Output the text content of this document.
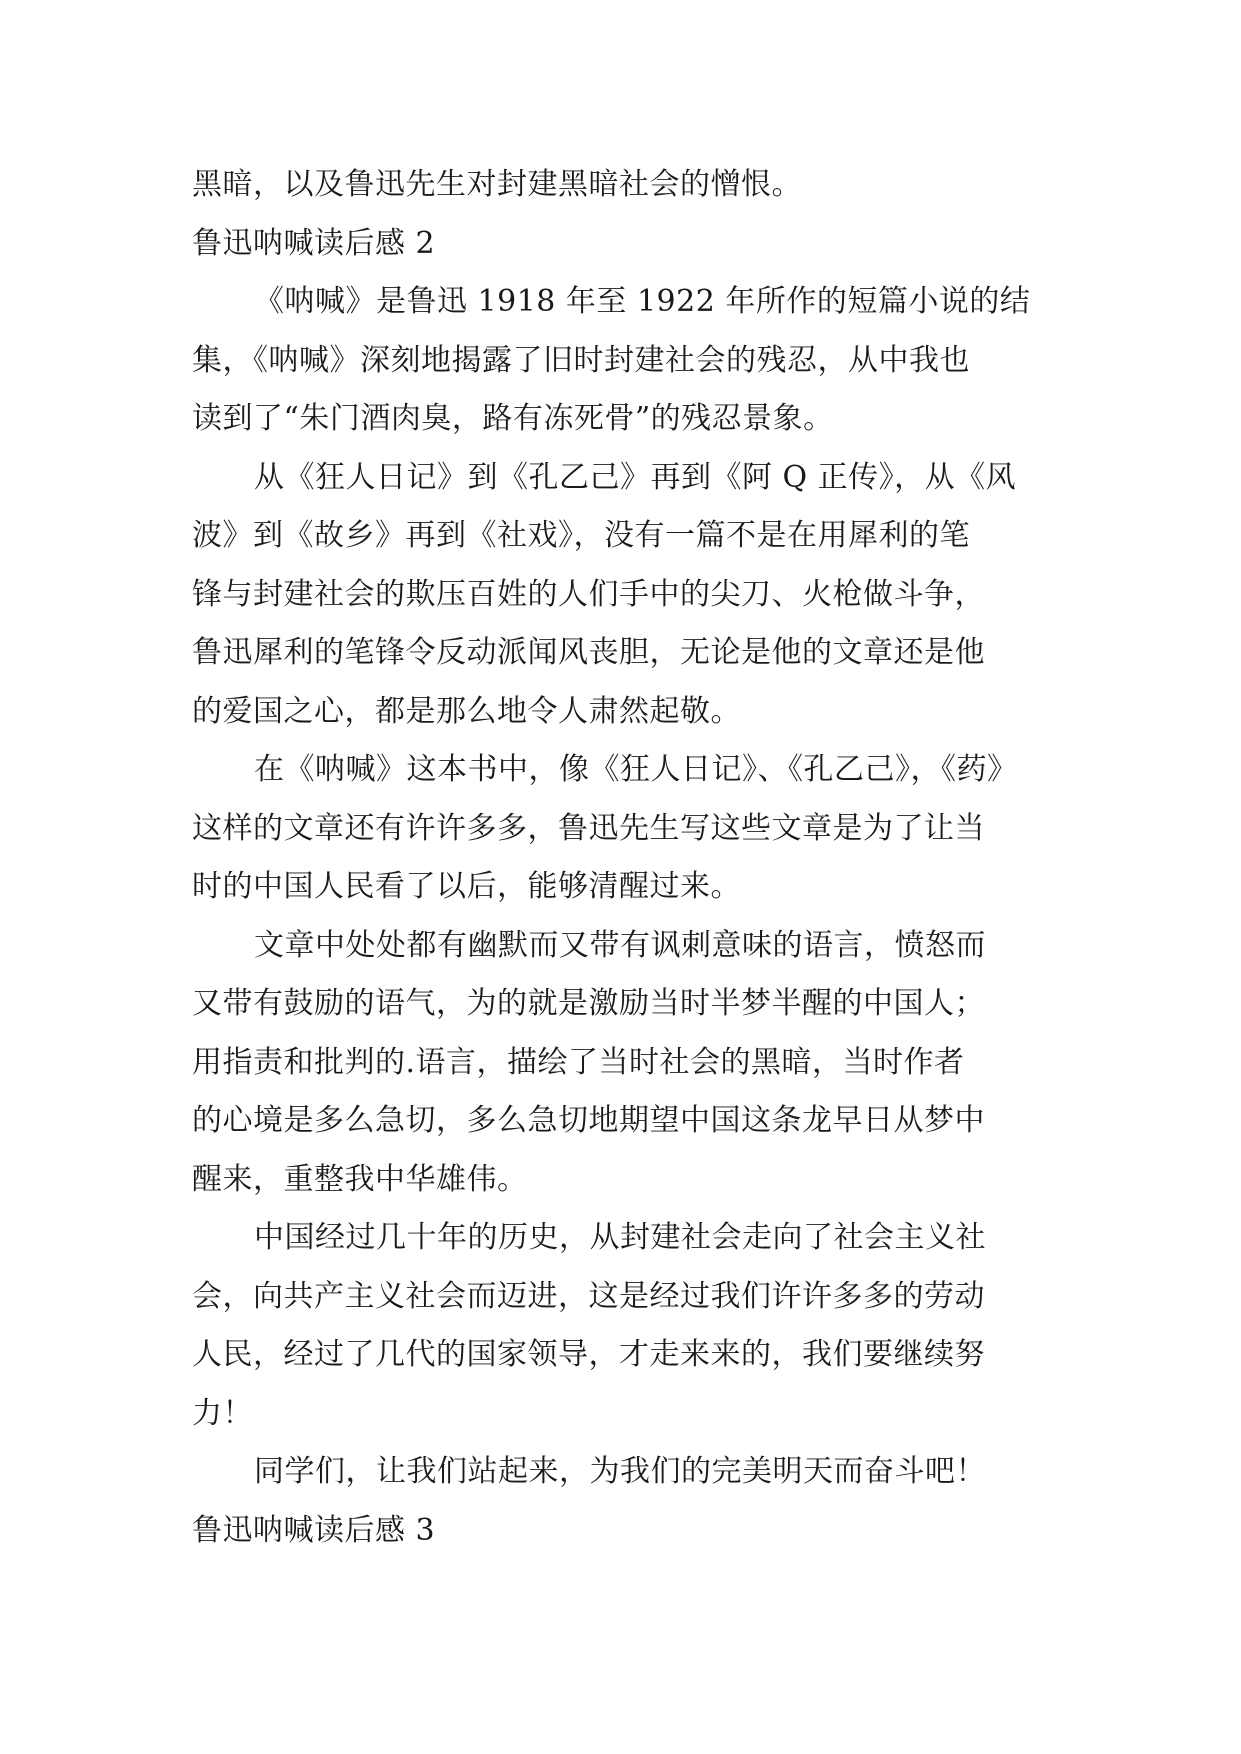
黑暗，以及鲁迅先生对封建黑暗社会的憎恨。
鲁迅呐喊读后感 2
《呐喊》是鲁迅 1918 年至 1922 年所作的短篇小说的结
集，《呐喊》深刻地揭露了旧时封建社会的残忍，从中我也
读到了“朱门酒肉臭，路有冻死骨”的残忍景象。
从《狂人日记》到《孔乙己》再到《阿 Q 正传》，从《风
波》到《故乡》再到《社戏》，没有一篇不是在用犀利的笔
锋与封建社会的欺压百姓的人们手中的尖刀、火枪做斗争，
鲁迅犀利的笔锋令反动派闻风丧胆，无论是他的文章还是他
的爱国之心，都是那么地令人肃然起敬。
在《呐喊》这本书中，像《狂人日记》、《孔乙己》，《药》
这样的文章还有许许多多，鲁迅先生写这些文章是为了让当
时的中国人民看了以后，能够清醒过来。
文章中处处都有幽默而又带有讽刺意味的语言，愤怒而
又带有鼓励的语气，为的就是激励当时半梦半醒的中国人；
用指责和批判的.语言，描绘了当时社会的黑暗，当时作者
的心境是多么急切，多么急切地期望中国这条龙早日从梦中
醒来，重整我中华雄伟。
中国经过几十年的历史，从封建社会走向了社会主义社
会，向共产主义社会而迈进，这是经过我们许许多多的劳动
人民，经过了几代的国家领导，才走来来的，我们要继续努
力！
同学们，让我们站起来，为我们的完美明天而奋斗吧！
鲁迅呐喊读后感 3
